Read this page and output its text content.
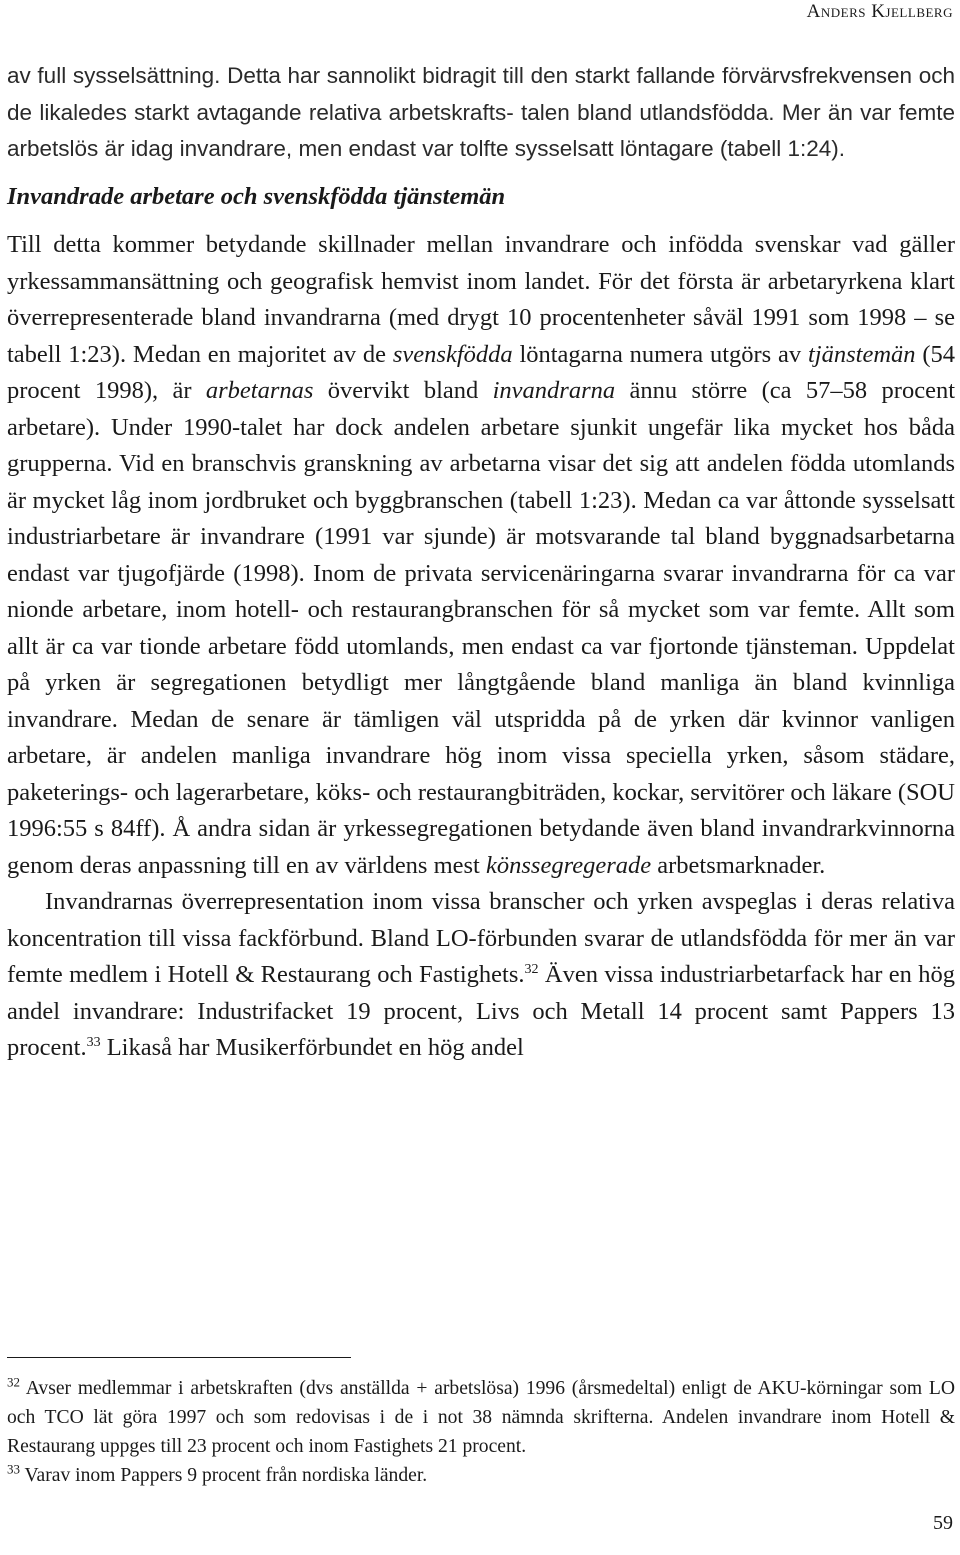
Anders Kjellberg

av full sysselsättning. Detta har sannolikt bidragit till den starkt fallande förvärvsfrekvensen och de likaledes starkt avtagande relativa arbetskrafts- talen bland utlandsfödda. Mer än var femte arbetslös är idag invandrare, men endast var tolfte sysselsatt löntagare (tabell 1:24).

Invandrade arbetare och svenskfödda tjänstemän

Till detta kommer betydande skillnader mellan invandrare och infödda svenskar vad gäller yrkessammansättning och geografisk hemvist inom landet. För det första är arbetaryrkena klart överrepresenterade bland invandrarna (med drygt 10 procentenheter såväl 1991 som 1998 – se tabell 1:23). Medan en majoritet av de svenskfödda löntagarna numera utgörs av tjänstemän (54 procent 1998), är arbetarnas övervikt bland invandrarna ännu större (ca 57–58 procent arbetare). Under 1990-talet har dock andelen arbetare sjunkit ungefär lika mycket hos båda grupperna. Vid en branschvis granskning av arbetarna visar det sig att andelen födda utomlands är mycket låg inom jordbruket och byggbranschen (tabell 1:23). Medan ca var åttonde sysselsatt industriarbetare är invandrare (1991 var sjunde) är motsvarande tal bland byggnadsarbetarna endast var tjugofjärde (1998). Inom de privata servicenäringarna svarar invandrarna för ca var nionde arbetare, inom hotell- och restaurangbranschen för så mycket som var femte. Allt som allt är ca var tionde arbetare född utomlands, men endast ca var fjortonde tjänsteman. Uppdelat på yrken är segregationen betydligt mer långtgående bland manliga än bland kvinnliga invandrare. Medan de senare är tämligen väl utspridda på de yrken där kvinnor vanligen arbetare, är andelen manliga invandrare hög inom vissa speciella yrken, såsom städare, paketerings- och lagerarbetare, köks- och restaurangbiträden, kockar, servitörer och läkare (SOU 1996:55 s 84ff). Å andra sidan är yrkessegregationen betydande även bland invandrarkvinnorna genom deras anpassning till en av världens mest könssegregerade arbetsmarknader.

Invandrarnas överrepresentation inom vissa branscher och yrken avspeglas i deras relativa koncentration till vissa fackförbund. Bland LO-förbunden svarar de utlandsfödda för mer än var femte medlem i Hotell & Restaurang och Fastighets.$^{32}$ Även vissa industriarbetarfack har en hög andel invandrare: Industrifacket 19 procent, Livs och Metall 14 procent samt Pappers 13 procent.$^{33}$ Likaså har Musikerförbundet en hög andel

$^{32}$ Avser medlemmar i arbetskraften (dvs anställda + arbetslösa) 1996 (årsmedeltal) enligt de AKU-körningar som LO och TCO lät göra 1997 och som redovisas i de i not 38 nämnda skrifterna. Andelen invandrare inom Hotell & Restaurang uppges till 23 procent och inom Fastighets 21 procent.

$^{33}$ Varav inom Pappers 9 procent från nordiska länder.

59
